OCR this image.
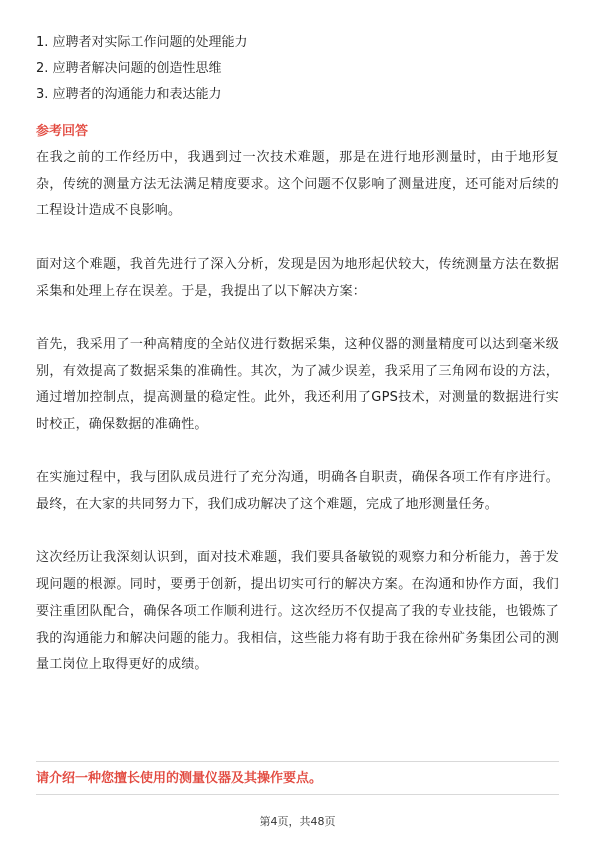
1. 应聘者对实际工作问题的处理能力
2. 应聘者解决问题的创造性思维
3. 应聘者的沟通能力和表达能力
参考回答

在我之前的工作经历中，我遇到过一次技术难题，那是在进行地形测量时，由于地形复杂，传统的测量方法无法满足精度要求。这个问题不仅影响了测量进度，还可能对后续的工程设计造成不良影响。

面对这个难题，我首先进行了深入分析，发现是因为地形起伏较大，传统测量方法在数据采集和处理上存在误差。于是，我提出了以下解决方案：

首先，我采用了一种高精度的全站仪进行数据采集，这种仪器的测量精度可以达到毫米级别，有效提高了数据采集的准确性。其次，为了减少误差，我采用了三角网布设的方法，通过增加控制点，提高测量的稳定性。此外，我还利用了GPS技术，对测量的数据进行实时校正，确保数据的准确性。

在实施过程中，我与团队成员进行了充分沟通，明确各自职责，确保各项工作有序进行。最终，在大家的共同努力下，我们成功解决了这个难题，完成了地形测量任务。

这次经历让我深刻认识到，面对技术难题，我们要具备敏锐的观察力和分析能力，善于发现问题的根源。同时，要勇于创新，提出切实可行的解决方案。在沟通和协作方面，我们要注重团队配合，确保各项工作顺利进行。这次经历不仅提高了我的专业技能，也锻炼了我的沟通能力和解决问题的能力。我相信，这些能力将有助于我在徐州矿务集团公司的测量工岗位上取得更好的成绩。

请介绍一种您擅长使用的测量仪器及其操作要点。
第4页，共48页
